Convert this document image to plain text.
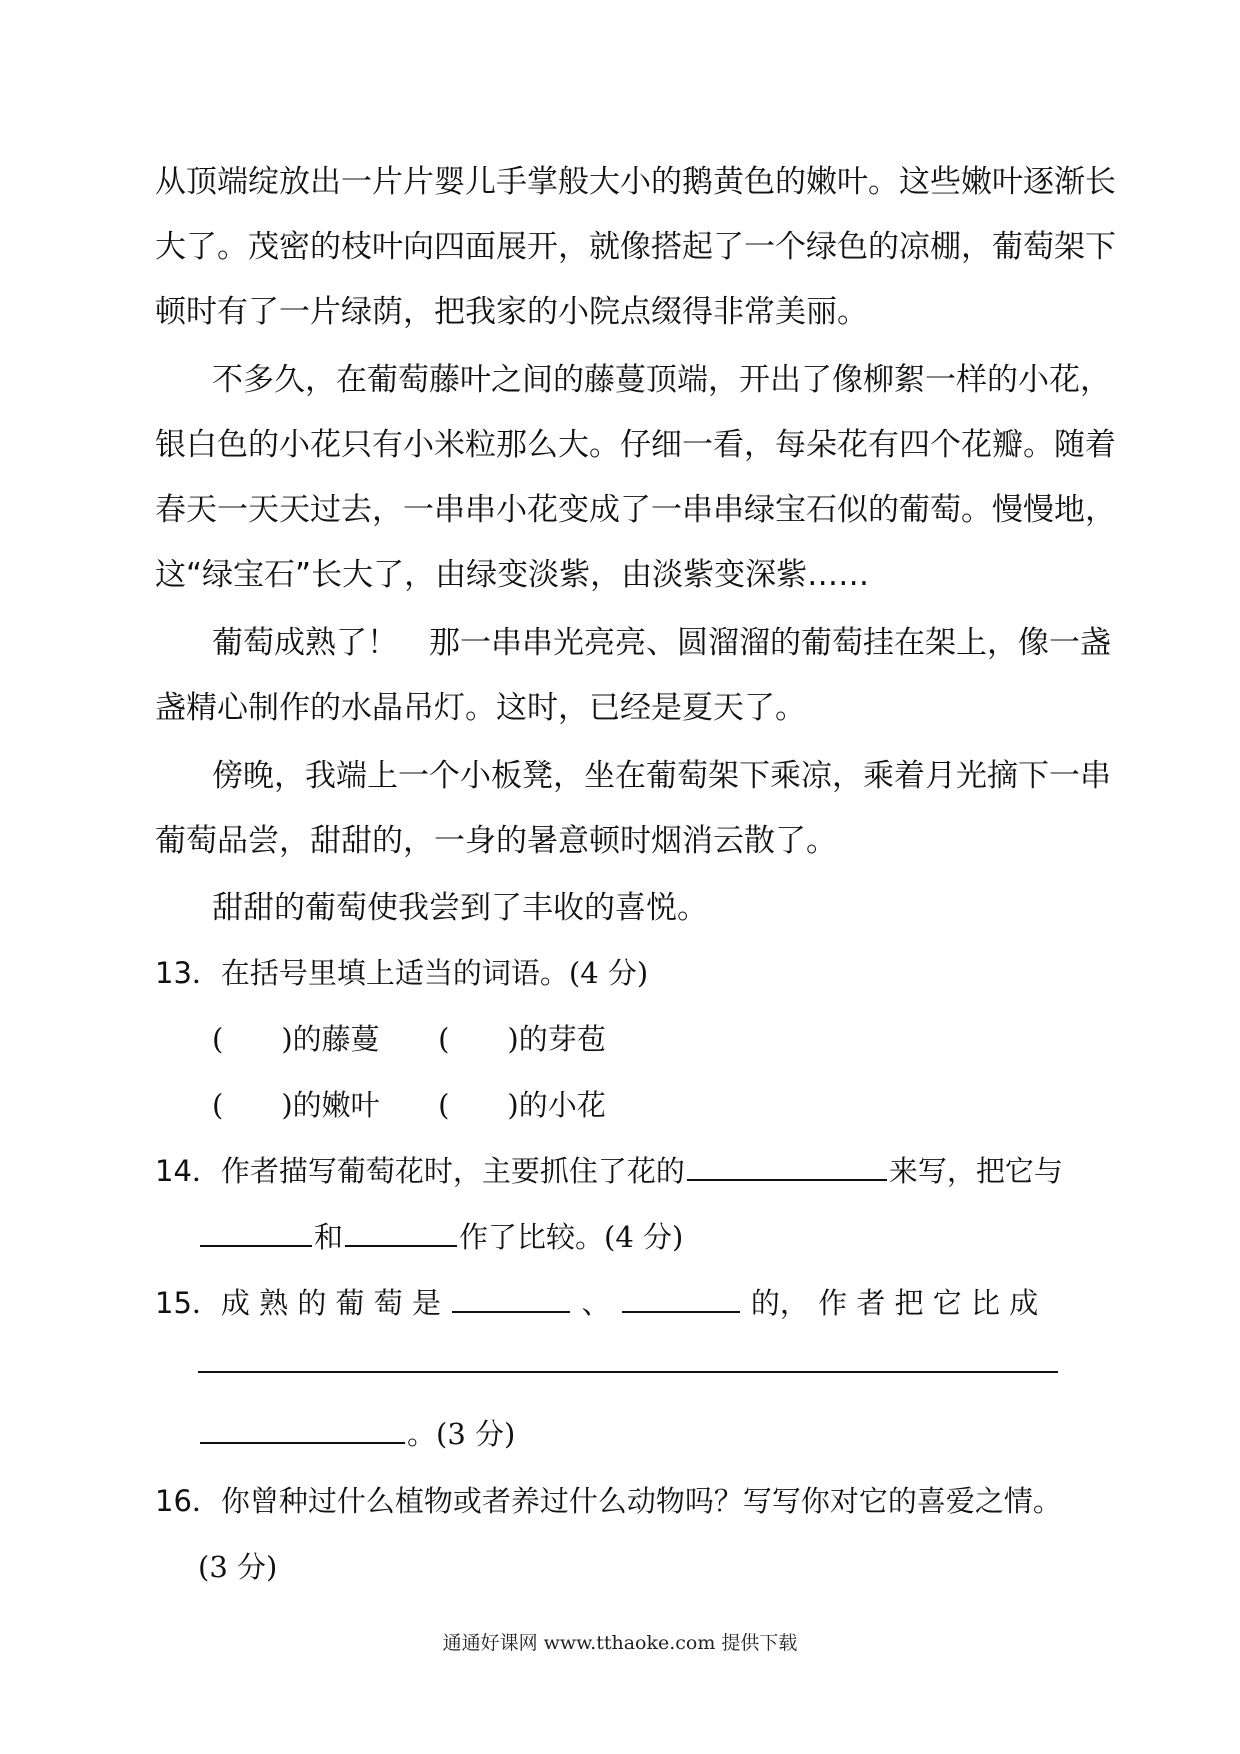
从顶端绽放出一片片婴儿手掌般大小的鹅黄色的嫩叶。这些嫩叶逐渐长
大了。茂密的枝叶向四面展开，就像搭起了一个绿色的凉棚，葡萄架下
顿时有了一片绿荫，把我家的小院点缀得非常美丽。
不多久，在葡萄藤叶之间的藤蔓顶端，开出了像柳絮一样的小花，
银白色的小花只有小米粒那么大。仔细一看，每朵花有四个花瓣。随着
春天一天天过去，一串串小花变成了一串串绿宝石似的葡萄。慢慢地，
这“绿宝石”长大了，由绿变淡紫，由淡紫变深紫……
葡萄成熟了！　那一串串光亮亮、圆溜溜的葡萄挂在架上，像一盏
盏精心制作的水晶吊灯。这时，已经是夏天了。
傍晚，我端上一个小板凳，坐在葡萄架下乘凉，乘着月光摘下一串
葡萄品尝，甜甜的，一身的暑意顿时烟消云散了。
甜甜的葡萄使我尝到了丰收的喜悦。
13．在括号里填上适当的词语。(4 分)
(　　)的藤蔓 (　　)的芽苞
(　　)的嫩叶 (　　)的小花
14．作者描写葡萄花时，主要抓住了花的	来写，把它与
和	作了比较。(4 分)
15．成 熟 的 葡 萄 是	、	的， 作 者 把 它 比 成
。(3 分)
16．你曾种过什么植物或者养过什么动物吗？写写你对它的喜爱之情。
(3 分)
通通好课网 www.tthaoke.com 提供下载
